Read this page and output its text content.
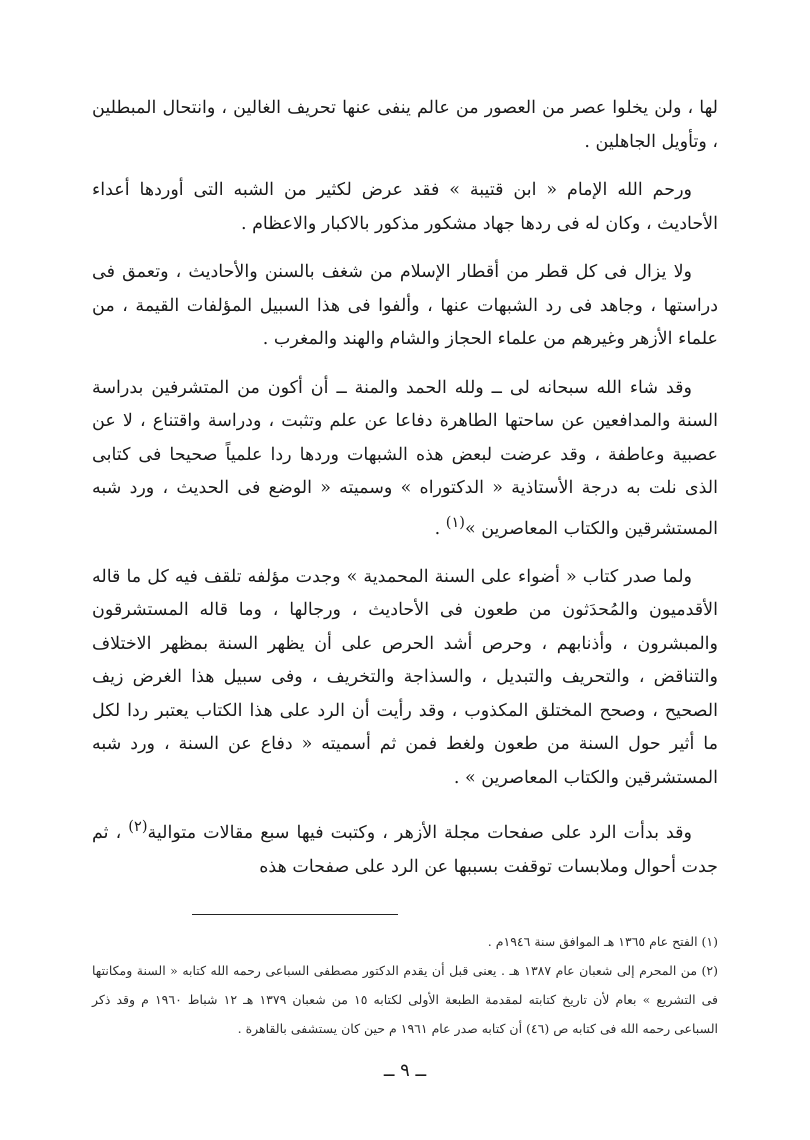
لها ، ولن يخلوا عصر من العصور من عالم ينفى عنها تحريف الغالين ، وانتحال المبطلين ، وتأويل الجاهلين .

ورحم الله الإمام « ابن قتيبة » فقد عرض لكثير من الشبه التى أوردها أعداء الأحاديث ، وكان له فى ردها جهاد مشكور مذكور بالاكبار والاعظام .

ولا يزال فى كل قطر من أقطار الإسلام من شغف بالسنن والأحاديث ، وتعمق فى دراستها ، وجاهد فى رد الشبهات عنها ، وألفوا فى هذا السبيل المؤلفات القيمة ، من علماء الأزهر وغيرهم من علماء الحجاز والشام والهند والمغرب .

وقد شاء الله سبحانه لى ــ ولله الحمد والمنة ــ أن أكون من المتشرفين بدراسة السنة والمدافعين عن ساحتها الطاهرة دفاعا عن علم وتثبت ، ودراسة واقتناع ، لا عن عصبية وعاطفة ، وقد عرضت لبعض هذه الشبهات وردها ردا علمياً صحيحا فى كتابى الذى نلت به درجة الأستاذية « الدكتوراه » وسميته « الوضع فى الحديث ، ورد شبه المستشرقين والكتاب المعاصرين »$^{(١)}$ .

ولما صدر كتاب « أضواء على السنة المحمدية » وجدت مؤلفه تلقف فيه كل ما قاله الأقدميون والمُحدَثون من طعون فى الأحاديث ، ورجالها ، وما قاله المستشرقون والمبشرون ، وأذنابهم ، وحرص أشد الحرص على أن يظهر السنة بمظهر الاختلاف والتناقض ، والتحريف والتبديل ، والسذاجة والتخريف ، وفى سبيل هذا الغرض زيف الصحيح ، وصحح المختلق المكذوب ، وقد رأيت أن الرد على هذا الكتاب يعتبر ردا لكل ما أثير حول السنة من طعون ولغط فمن ثم أسميته « دفاع عن السنة ، ورد شبه المستشرقين والكتاب المعاصرين » .

وقد بدأت الرد على صفحات مجلة الأزهر ، وكتبت فيها سبع مقالات متوالية$^{(٢)}$ ، ثم جدت أحوال وملابسات توقفت بسببها عن الرد على صفحات هذه

(١) الفتح عام ١٣٦٥ هـ الموافق سنة ١٩٤٦م .

(٢) من المحرم إلى شعبان عام ١٣٨٧ هـ . يعنى قبل أن يقدم الدكتور مصطفى السباعى رحمه الله كتابه « السنة ومكانتها فى التشريع » بعام لأن تاريخ كتابته لمقدمة الطبعة الأولى لكتابه ١٥ من شعبان ١٣٧٩ هـ ١٢ شباط ١٩٦٠ م وقد ذكر السباعى رحمه الله فى كتابه ص (٤٦) أن كتابه صدر عام ١٩٦١ م حين كان يستشفى بالقاهرة .

ــ ٩ ــ
